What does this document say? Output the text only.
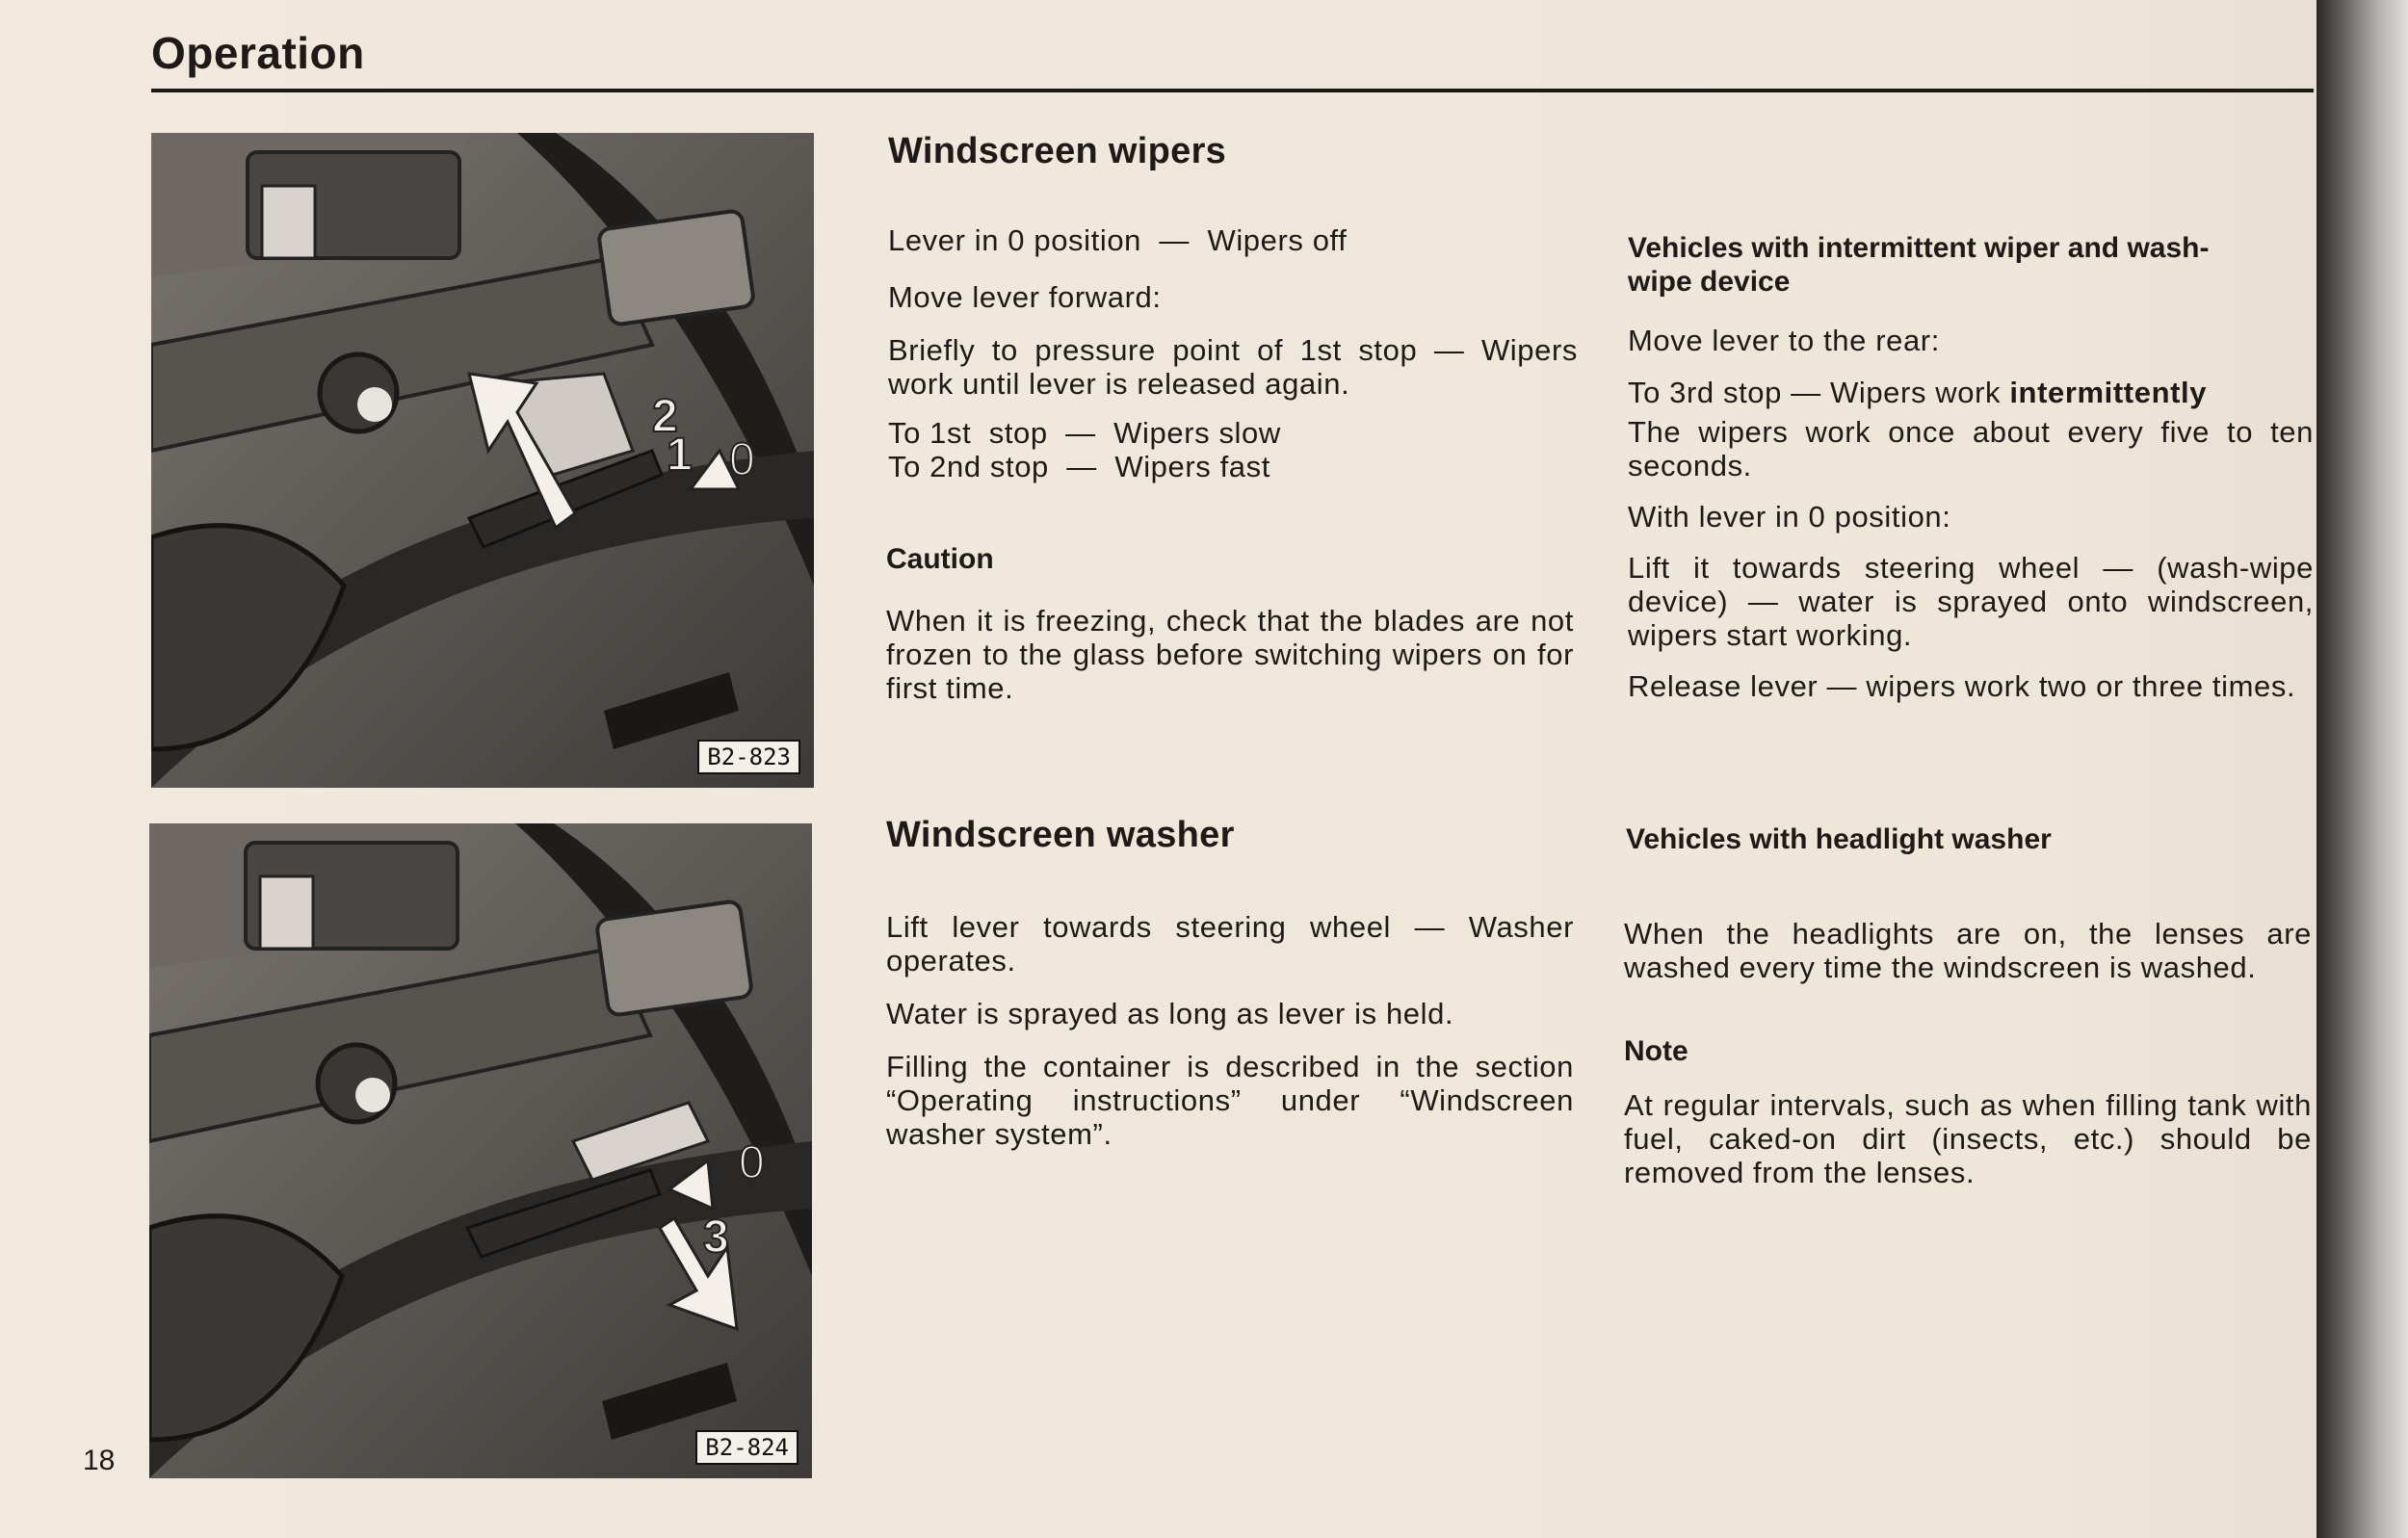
Operation
2
1 0
B2-823
0
3
B2-824
Windscreen wipers

Lever in 0 position  —  Wipers off

Move lever forward:

Briefly to pressure point of 1st stop — Wipers work until lever is released again.

To 1st  stop  —  Wipers slow

To 2nd stop  —  Wipers fast

Caution

When it is freezing, check that the blades are not frozen to the glass before switching wipers on for first time.

Windscreen washer

Lift lever towards steering wheel — Washer operates.

Water is sprayed as long as lever is held.

Filling the container is described in the section “Operating instructions” under “Windscreen washer system”.

Vehicles with intermittent wiper and wash-wipe device

Move lever to the rear:

To 3rd stop — Wipers work intermittently

The wipers work once about every five to ten seconds.

With lever in 0 position:

Lift it towards steering wheel — (wash-wipe device) — water is sprayed onto windscreen, wipers start working.

Release lever — wipers work two or three times.

Vehicles with headlight washer

When the headlights are on, the lenses are washed every time the windscreen is washed.

Note

At regular intervals, such as when filling tank with fuel, caked-on dirt (insects, etc.) should be removed from the lenses.

18
